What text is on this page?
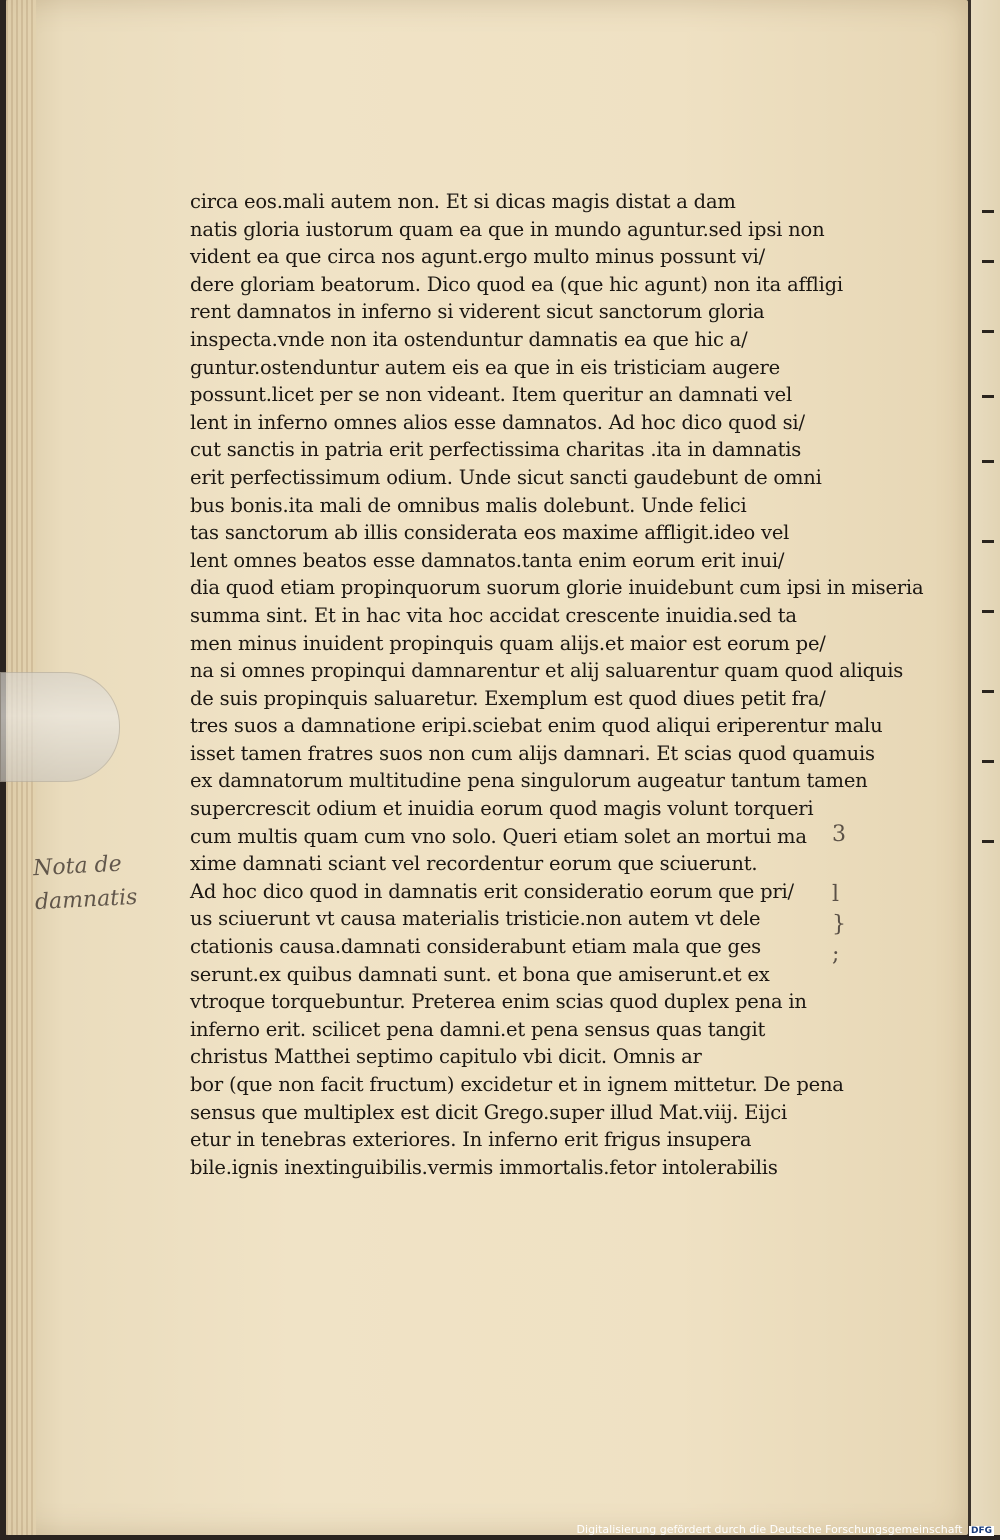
circa eos.mali autem non. Et si dicas magis distat a dam
natis gloria iustorum quam ea que in mundo aguntur.sed ipsi non
vident ea que circa nos agunt.ergo multo minus possunt vi/
dere gloriam beatorum. Dico quod ea (que hic agunt) non ita affligi
rent damnatos in inferno si viderent sicut sanctorum gloria
inspecta.vnde non ita ostenduntur damnatis ea que hic a/
guntur.ostenduntur autem eis ea que in eis tristiciam augere
possunt.licet per se non videant. Item queritur an damnati vel
lent in inferno omnes alios esse damnatos. Ad hoc dico quod si/
cut sanctis in patria erit perfectissima charitas .ita in damnatis
erit perfectissimum odium. Unde sicut sancti gaudebunt de omni
bus bonis.ita mali de omnibus malis dolebunt. Unde felici
tas sanctorum ab illis considerata eos maxime affligit.ideo vel
lent omnes beatos esse damnatos.tanta enim eorum erit inui/
dia quod etiam propinquorum suorum glorie inuidebunt cum ipsi in miseria
summa sint. Et in hac vita hoc accidat crescente inuidia.sed ta
men minus inuident propinquis quam alijs.et maior est eorum pe/
na si omnes propinqui damnarentur et alij saluarentur quam quod aliquis
de suis propinquis saluaretur. Exemplum est quod diues petit fra/
tres suos a damnatione eripi.sciebat enim quod aliqui eriperentur malu
isset tamen fratres suos non cum alijs damnari. Et scias quod quamuis
ex damnatorum multitudine pena singulorum augeatur tantum tamen
supercrescit odium et inuidia eorum quod magis volunt torqueri
cum multis quam cum vno solo. Queri etiam solet an mortui ma
xime damnati sciant vel recordentur eorum que sciuerunt.
Ad hoc dico quod in damnatis erit consideratio eorum que pri/
us sciuerunt vt causa materialis tristicie.non autem vt dele
ctationis causa.damnati considerabunt etiam mala que ges
serunt.ex quibus damnati sunt. et bona que amiserunt.et ex
vtroque torquebuntur. Preterea enim scias quod duplex pena in
inferno erit. scilicet pena damni.et pena sensus quas tangit
christus Matthei septimo capitulo vbi dicit. Omnis ar
bor (que non facit fructum) excidetur et in ignem mittetur. De pena
sensus que multiplex est dicit Grego.super illud Mat.viij. Eijci
etur in tenebras exteriores. In inferno erit frigus insupera
bile.ignis inextinguibilis.vermis immortalis.fetor intolerabilis
Nota de
damnatis
3

l
}
;
Digitalisierung gefördert durch die Deutsche Forschungsgemeinschaft DFG
